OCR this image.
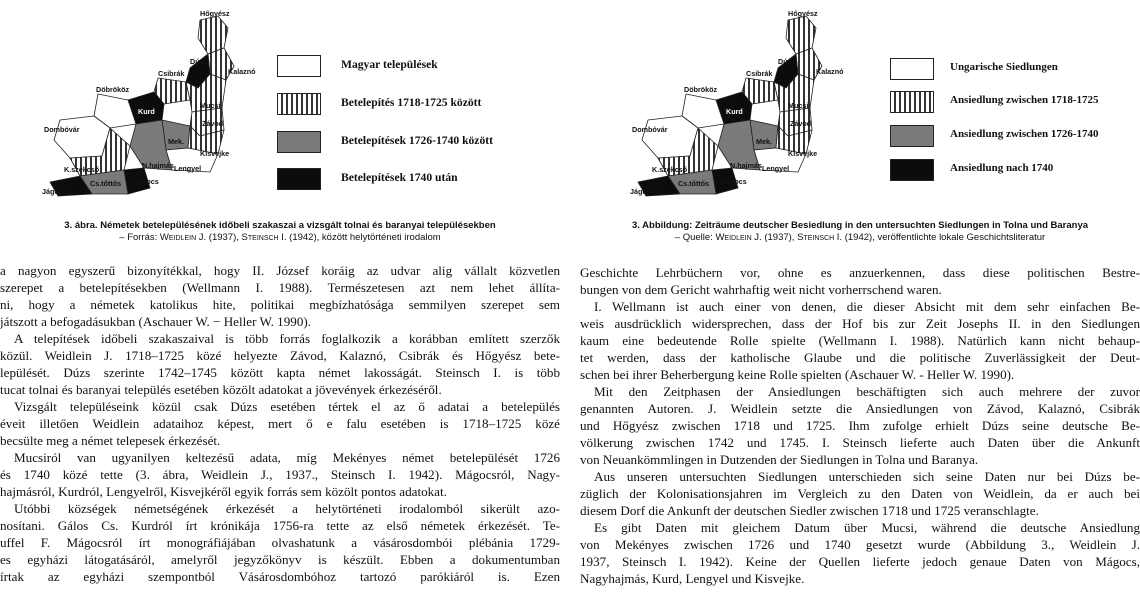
Hőgyész
Kalaznó
Csibrák
Dúzs
Döbrököz
Kurd
Mucsi
Závod
Dombóvár
Mek.
Kisvejke
K.szekcső	N.hajmás Lengyel
Mágocs
Cs.tőttős
Jágónak
Magyar települések
Betelepítés 1718-1725 között
Betelepítések 1726-1740 között
Betelepítések 1740 után
3. ábra. Németek betelepülésének időbeli szakaszai a vizsgált tolnai és baranyai településekben
– Forrás: Weidlein J. (1937), Steinsch I. (1942), között helytörténeti irodalom
a nagyon egyszerű bizonyítékkal, hogy II. József koráig az udvar alig vállalt közvetlen
szerepet a betelepítésekben (Wellmann I. 1988). Természetesen azt nem lehet állíta-
ni, hogy a németek katolikus hite, politikai megbízhatósága semmilyen szerepet sem
játszott a befogadásukban (Aschauer W. − Heller W. 1990).
A telepítések időbeli szakaszaival is több forrás foglalkozik a korábban említett szerzők
közül. Weidlein J. 1718–1725 közé helyezte Závod, Kalaznó, Csibrák és Hőgyész bete-
lepülését. Dúzs szerinte 1742–1745 között kapta német lakosságát. Steinsch I. is több
tucat tolnai és baranyai település esetében közölt adatokat a jövevények érkezéséről.
Vizsgált településeink közül csak Dúzs esetében tértek el az ő adatai a betelepülés
éveit illetően Weidlein adataihoz képest, mert ő e falu esetében is 1718–1725 közé
becsülte meg a német telepesek érkezését.
Mucsiról van ugyanilyen keltezésű adata, míg Mekényes német betelepülését 1726
és 1740 közé tette (3. ábra, Weidlein J., 1937., Steinsch I. 1942). Mágocsról, Nagy-
hajmásról, Kurdról, Lengyelről, Kisvejkéről egyik forrás sem közölt pontos adatokat.
Utóbbi községek németségének érkezését a helytörténeti irodalomból sikerült azo-
nosítani. Gálos Cs. Kurdról írt krónikája 1756-ra tette az első németek érkezését. Te-
uffel F. Mágocsról írt monográfiájában olvashatunk a vásárosdombói plébánia 1729-
es egyházi látogatásáról, amelyről jegyzőkönyv is készült. Ebben a dokumentumban
írtak az egyházi szempontból Vásárosdombóhoz tartozó parókiáról is. Ezen
Hőgyész
Kalaznó
Csibrák
Dúzs
Döbrököz
Kurd
Mucsi
Závod
Dombóvár
Mek.
Kisvejke
K.szekcső	N.hajmás Lengyel
Mágocs
Cs.tőttős
Jágónak
Ungarische Siedlungen
Ansiedlung zwischen 1718-1725
Ansiedlung zwischen 1726-1740
Ansiedlung nach 1740
3. Abbildung: Zeiträume deutscher Besiedlung in den untersuchten Siedlungen in Tolna und Baranya
– Quelle: Weidlein J. (1937), Steinsch I. (1942), veröffentlichte lokale Geschichtsliteratur
Geschichte Lehrbüchern vor, ohne es anzuerkennen, dass diese politischen Bestre-
bungen von dem Gericht wahrhaftig weit nicht vorherrschend waren.
I. Wellmann ist auch einer von denen, die dieser Absicht mit dem sehr einfachen Be-
weis ausdrücklich widersprechen, dass der Hof bis zur Zeit Josephs II. in den Siedlungen
kaum eine bedeutende Rolle spielte (Wellmann I. 1988). Natürlich kann nicht behaup-
tet werden, dass der katholische Glaube und die politische Zuverlässigkeit der Deut-
schen bei ihrer Beherbergung keine Rolle spielten (Aschauer W. - Heller W. 1990).
Mit den Zeitphasen der Ansiedlungen beschäftigten sich auch mehrere der zuvor
genannten Autoren. J. Weidlein setzte die Ansiedlungen von Závod, Kalaznó, Csibrák
und Hőgyész zwischen 1718 und 1725. Ihm zufolge erhielt Dúzs seine deutsche Be-
völkerung zwischen 1742 und 1745. I. Steinsch lieferte auch Daten über die Ankunft
von Neuankömmlingen in Dutzenden der Siedlungen in Tolna und Baranya.
Aus unseren untersuchten Siedlungen unterschieden sich seine Daten nur bei Dúzs be-
züglich der Kolonisationsjahren im Vergleich zu den Daten von Weidlein, da er auch bei
diesem Dorf die Ankunft der deutschen Siedler zwischen 1718 und 1725 veranschlagte.
Es gibt Daten mit gleichem Datum über Mucsi, während die deutsche Ansiedlung
von Mekényes zwischen 1726 und 1740 gesetzt wurde (Abbildung 3., Weidlein J.
1937, Steinsch I. 1942). Keine der Quellen lieferte jedoch genaue Daten von Mágocs,
Nagyhajmás, Kurd, Lengyel und Kisvejke.
